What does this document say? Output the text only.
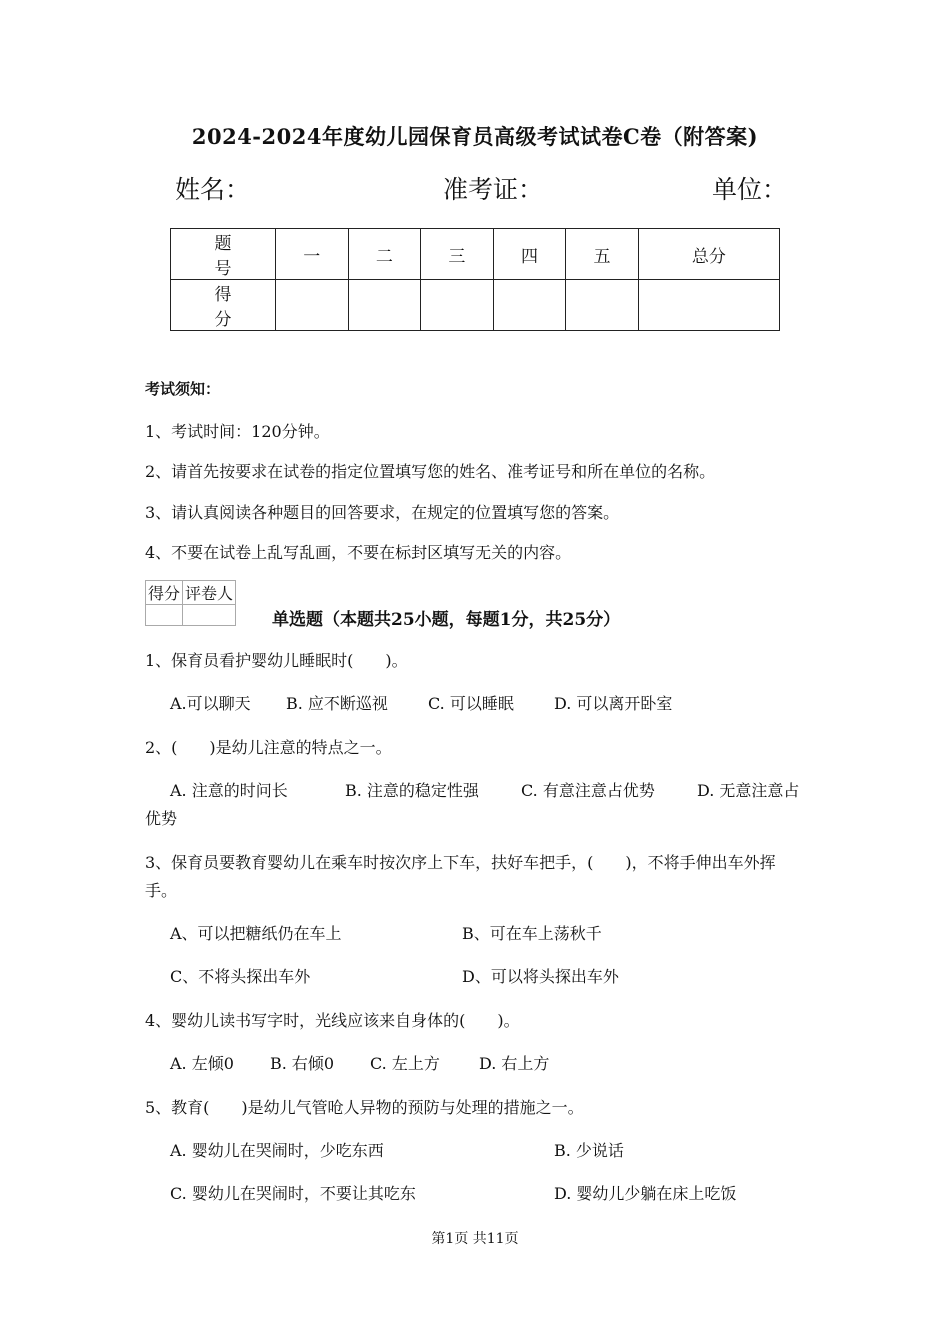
2024-2024年度幼儿园保育员高级考试试卷C卷（附答案)
姓名：	准考证：	单位：
题　号	一	二	三	四	五	总分
得　分						
考试须知：
1、考试时间：120分钟。
2、请首先按要求在试卷的指定位置填写您的姓名、准考证号和所在单位的名称。
3、请认真阅读各种题目的回答要求，在规定的位置填写您的答案。
4、不要在试卷上乱写乱画，不要在标封区填写无关的内容。
得分	评卷人

单选题（本题共25小题，每题1分，共25分）
1、保育员看护婴幼儿睡眠时(　　)。
A.可以聊天 B. 应不断巡视	C. 可以睡眠	D. 可以离开卧室
2、(　　)是幼儿注意的特点之一。
A. 注意的时问长	B. 注意的稳定性强	C. 有意注意占优势	D. 无意注意占
优势
3、保育员要教育婴幼儿在乘车时按次序上下车，扶好车把手，(　　)，不将手伸出车外挥
手。
A、可以把糖纸仍在车上	B、可在车上荡秋千
C、不将头探出车外	D、可以将头探出车外
4、婴幼儿读书写字时，光线应该来自身体的(　　)。
A. 左倾0 B. 右倾0 C. 左上方 D. 右上方
5、教育(　　)是幼儿气管呛人异物的预防与处理的措施之一。
A. 婴幼儿在哭闹时，少吃东西	B. 少说话
C. 婴幼儿在哭闹时，不要让其吃东	D. 婴幼儿少躺在床上吃饭
第1页 共11页
